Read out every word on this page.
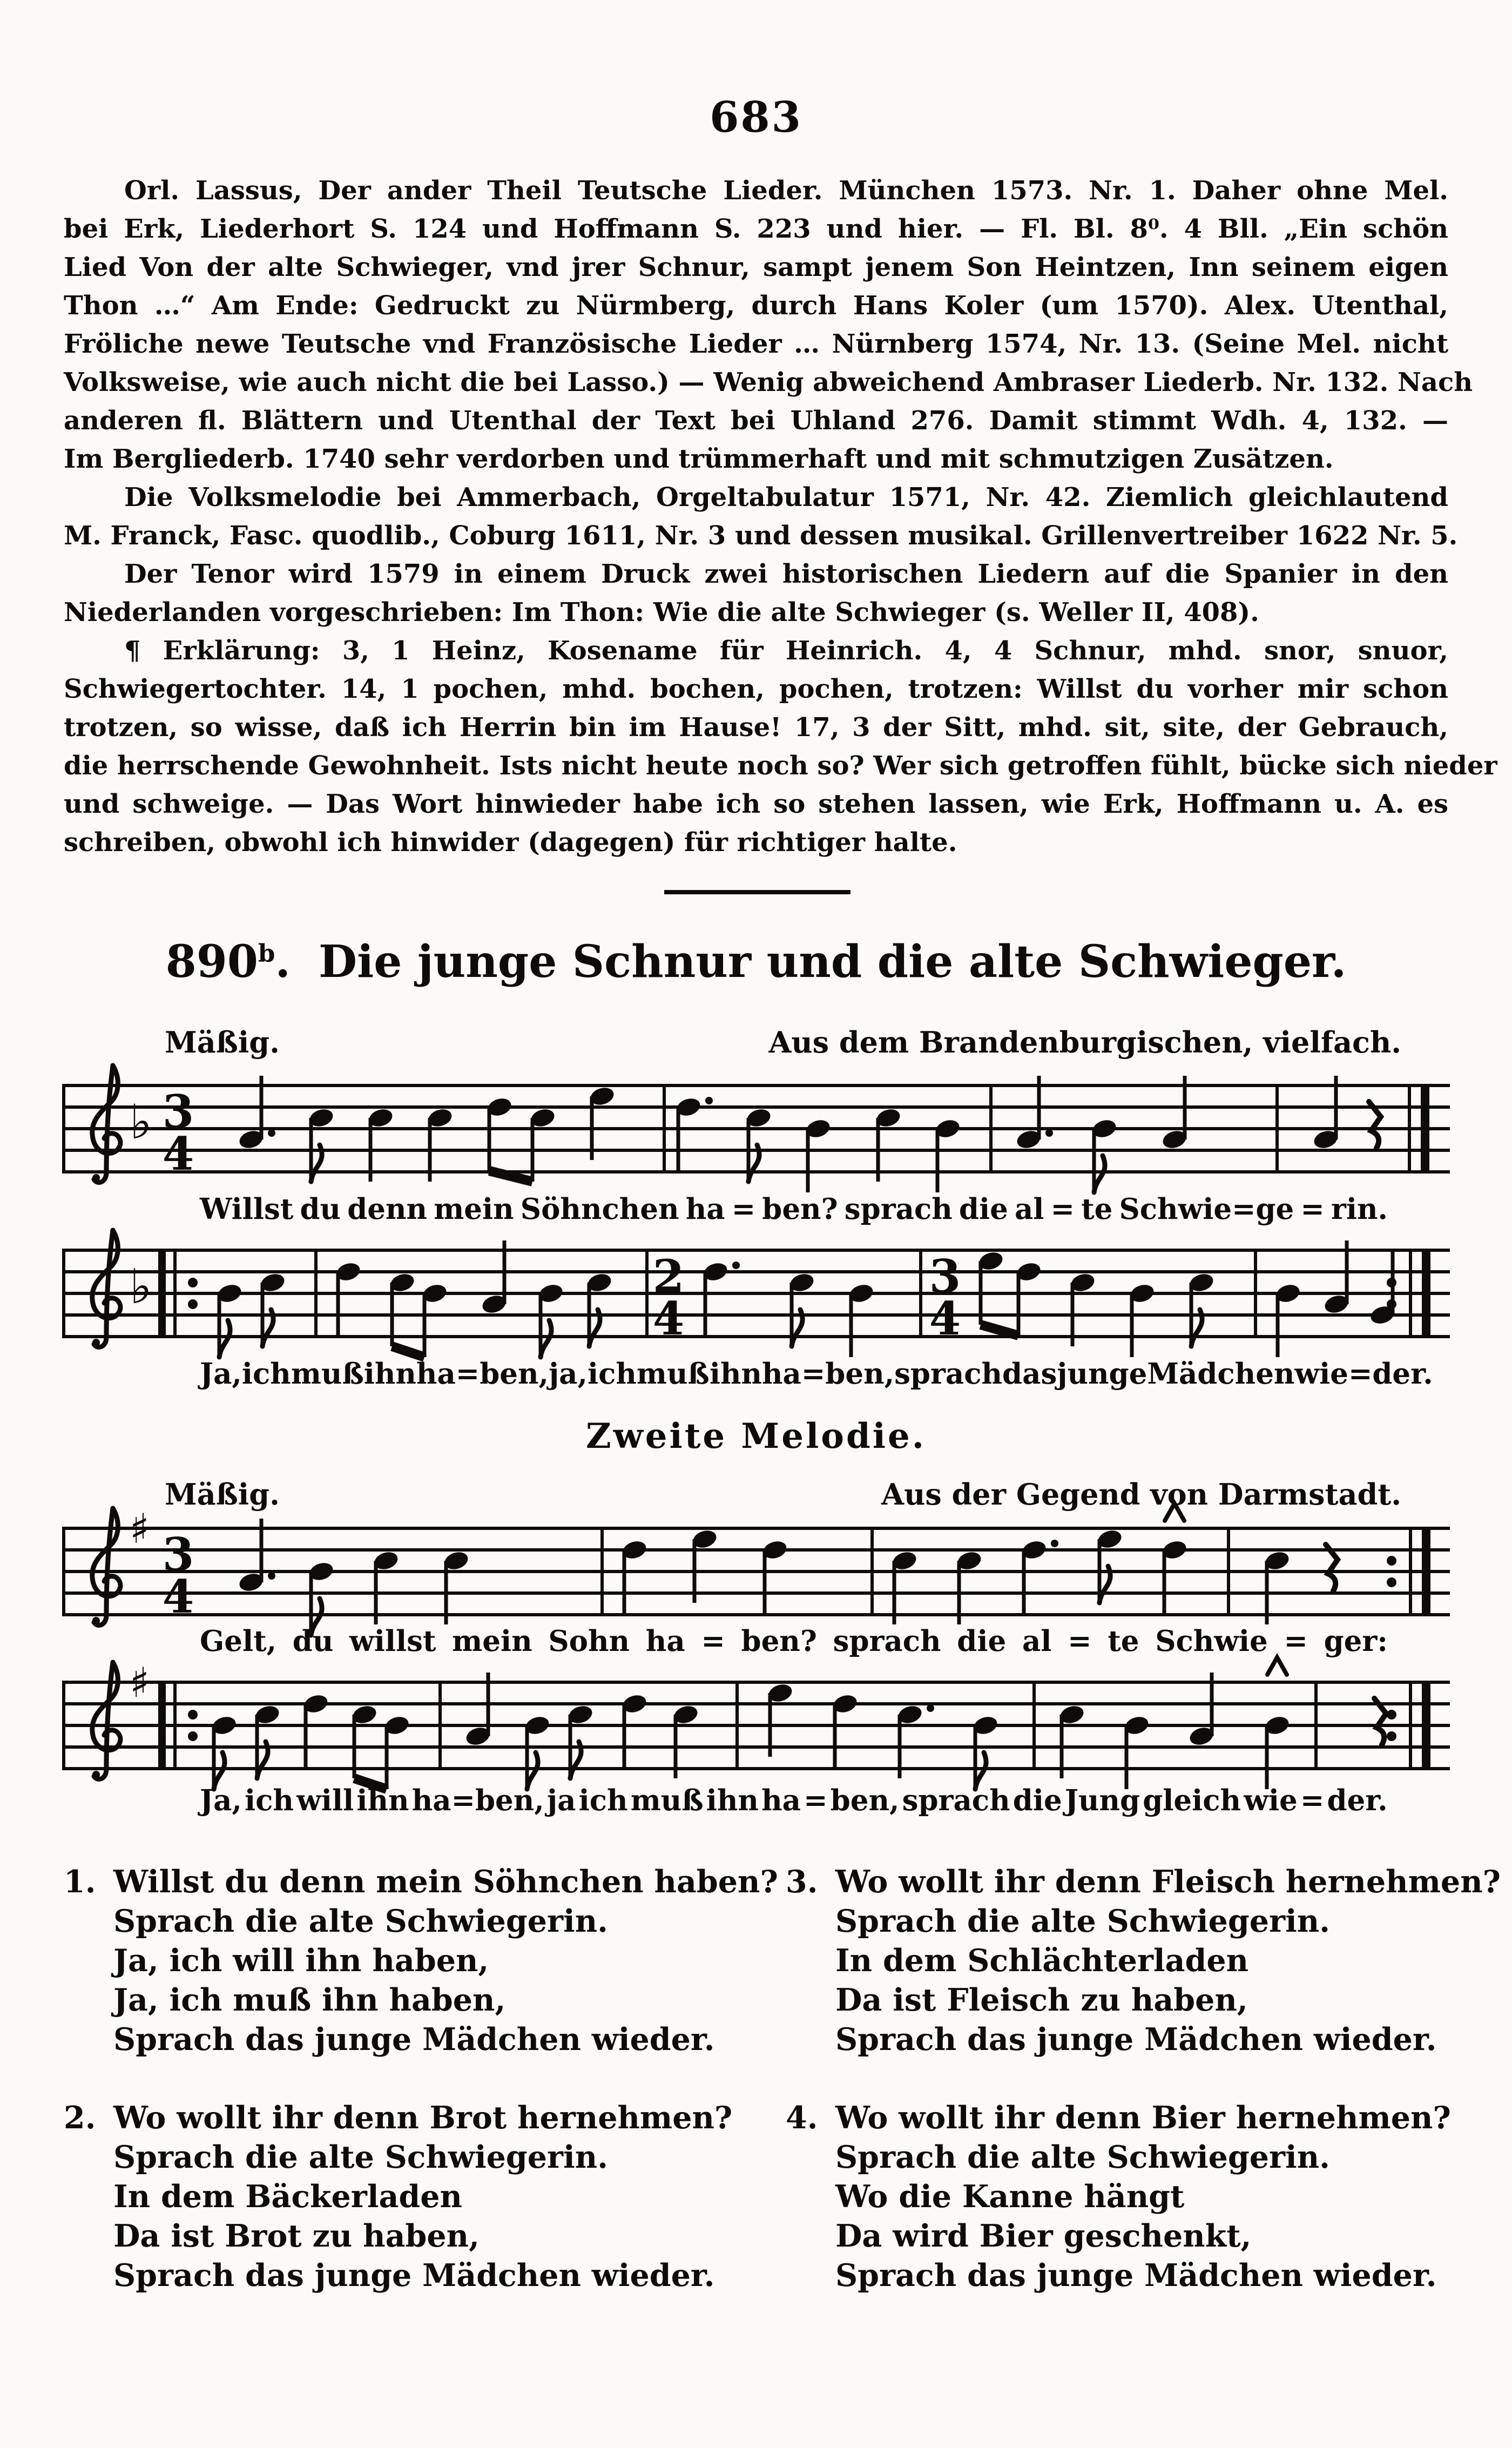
683
Orl. Lassus, Der ander Theil Teutsche Lieder. München 1573. Nr. 1. Daher ohne Mel.
bei Erk, Liederhort S. 124 und Hoffmann S. 223 und hier. — Fl. Bl. 8⁰. 4 Bll. „Ein schön
Lied Von der alte Schwieger, vnd jrer Schnur, sampt jenem Son Heintzen, Inn seinem eigen
Thon …“ Am Ende: Gedruckt zu Nürmberg, durch Hans Koler (um 1570). Alex. Utenthal,
Fröliche newe Teutsche vnd Französische Lieder … Nürnberg 1574, Nr. 13. (Seine Mel. nicht
Volksweise, wie auch nicht die bei Lasso.) — Wenig abweichend Ambraser Liederb. Nr. 132. Nach
anderen fl. Blättern und Utenthal der Text bei Uhland 276. Damit stimmt Wdh. 4, 132. —
Im Bergliederb. 1740 sehr verdorben und trümmerhaft und mit schmutzigen Zusätzen.
Die Volksmelodie bei Ammerbach, Orgeltabulatur 1571, Nr. 42. Ziemlich gleichlautend
M. Franck, Fasc. quodlib., Coburg 1611, Nr. 3 und dessen musikal. Grillenvertreiber 1622 Nr. 5.
Der Tenor wird 1579 in einem Druck zwei historischen Liedern auf die Spanier in den
Niederlanden vorgeschrieben: Im Thon: Wie die alte Schwieger (s. Weller II, 408).
¶ Erklärung: 3, 1 Heinz, Kosename für Heinrich. 4, 4 Schnur, mhd. snor, snuor,
Schwiegertochter. 14, 1 pochen, mhd. bochen, pochen, trotzen: Willst du vorher mir schon
trotzen, so wisse, daß ich Herrin bin im Hause! 17, 3 der Sitt, mhd. sit, site, der Gebrauch,
die herrschende Gewohnheit. Ists nicht heute noch so? Wer sich getroffen fühlt, bücke sich nieder
und schweige. — Das Wort hinwieder habe ich so stehen lassen, wie Erk, Hoffmann u. A. es
schreiben, obwohl ich hinwider (dagegen) für richtiger halte.
890$^b$. Die junge Schnur und die alte Schwieger.
Mäßig.	Aus dem Brandenburgischen, vielfach.
♭ 3
4
Willst du denn mein Söhnchen ha = ben? sprach die al = te Schwie=ge = rin.
♭	2
4
3
4
Ja, ich muß ihn ha=ben, ja, ich muß ihn ha=ben, sprach das junge Mädchen wie=der.
Zweite Melodie.
Mäßig.	Aus der Gegend von Darmstadt.
♯ 3
4
Gelt, du willst mein Sohn ha = ben? sprach die al = te Schwie = ger:
♯
Ja, ich will ihn ha=ben, ja ich muß ihn ha = ben, sprach die Jung gleich wie = der.
1. Willst du denn mein Söhnchen haben?
Sprach die alte Schwiegerin.
Ja, ich will ihn haben,
Ja, ich muß ihn haben,
Sprach das junge Mädchen wieder.
2. Wo wollt ihr denn Brot hernehmen?
Sprach die alte Schwiegerin.
In dem Bäckerladen
Da ist Brot zu haben,
Sprach das junge Mädchen wieder.
3. Wo wollt ihr denn Fleisch hernehmen?
Sprach die alte Schwiegerin.
In dem Schlächterladen
Da ist Fleisch zu haben,
Sprach das junge Mädchen wieder.
4. Wo wollt ihr denn Bier hernehmen?
Sprach die alte Schwiegerin.
Wo die Kanne hängt
Da wird Bier geschenkt,
Sprach das junge Mädchen wieder.
